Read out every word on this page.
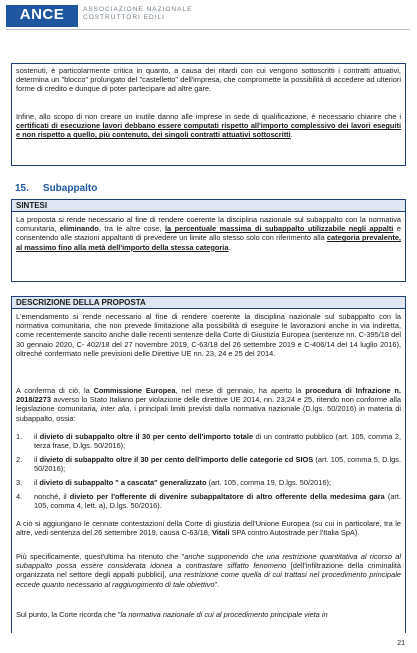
ANCE	ASSOCIAZIONE NAZIONALE
COSTRUTTORI EDILI

sostenuti, è particolarmente critica in quanto, a causa dei ritardi con cui vengono sottoscritti i contratti attuativi, determina un "blocco" prolungato del "castelletto" dell'impresa, che compromette la possibilità di accedere ad ulteriori forme di credito e dunque di poter partecipare ad altre gare.

Infine, allo scopo di non creare un inutile danno alle imprese in sede di qualificazione, è necessario chiarire che i certificati di esecuzione lavori debbano essere computati rispetto all'importo complessivo dei lavori eseguiti e non rispetto a quello, più contenuto, dei singoli contratti attuativi sottoscritti.

15. Subappalto
SINTESI

La proposta si rende necessario al fine di rendere coerente la disciplina nazionale sul subappalto con la normativa comunitaria, eliminando, tra le altre cose, la percentuale massima di subappalto utilizzabile negli appalti e consentendo alle stazioni appaltanti di prevedere un limite allo stesso solo con riferimento alla categoria prevalente, al massimo fino alla metà dell'importo della stessa categoria.

DESCRIZIONE DELLA PROPOSTA

L'emendamento si rende necessario al fine di rendere coerente la disciplina nazionale sul subappalto con la normativa comunitaria, che non prevede limitazione alla possibilità di eseguire le lavorazioni anche in via indiretta, come recentemente sancito anche dalle recenti sentenze della Corte di Giustizia Europea (sentenze nn. C-395/18 del 30 gennaio 2020, C- 402/18 del 27 novembre 2019, C-63/18 del 26 settembre 2019 e C-406/14 del 14 luglio 2016), oltreché confermato nelle previsioni delle Direttive UE nn. 23, 24 e 25 del 2014.

A conferma di ciò, la Commissione Europea, nel mese di gennaio, ha aperto la procedura di Infrazione n. 2018/2273 avverso lo Stato Italiano per violazione delle direttive UE 2014, nn. 23,24 e 25, ritendo non conforme alla legislazione comunitaria, inter alia, i principali limiti previsti dalla normativa nazionale (D.lgs. 50/2016) in materia di subappalto, ossia:

1. il divieto di subappalto oltre il 30 per cento dell'importo totale di un contratto pubblico (art. 105, comma 2, terza frase, D.lgs. 50/2016);
2. il divieto di subappalto oltre il 30 per cento dell'importo delle categorie cd SIOS (art. 105, comma 5, D.lgs. 50/2016);
3. il divieto di subappalto " a cascata" generalizzato (art. 105, comma 19, D.lgs. 50/2016);
4. nonché, il divieto per l'offerente di divenire subappaltatore di altro offerente della medesima gara (art. 105, comma 4, lett. a), D.lgs. 50/2016).

A ciò si aggiungano le cennate contestazioni della Corte di giustizia dell'Unione Europea (su cui in particolare, tra le altre, vedi sentenza del 26 settembre 2019, causa C-63/18, Vitali SPA contro Autostrade per l'Italia SpA).

Più specificamente, quest'ultima ha ritenuto che "anche supponendo che una restrizione quantitativa al ricorso al subappalto possa essere considerata idonea a contrastare siffatto fenomeno [dell'infiltrazione della criminalità organizzata nel settore degli appalti pubblici], una restrizione come quella di cui trattasi nel procedimento principale eccede quanto necessario al raggiungimento di tale obiettivo".

Sul punto, la Corte ricorda che "la normativa nazionale di cui al procedimento principale vieta in

21
